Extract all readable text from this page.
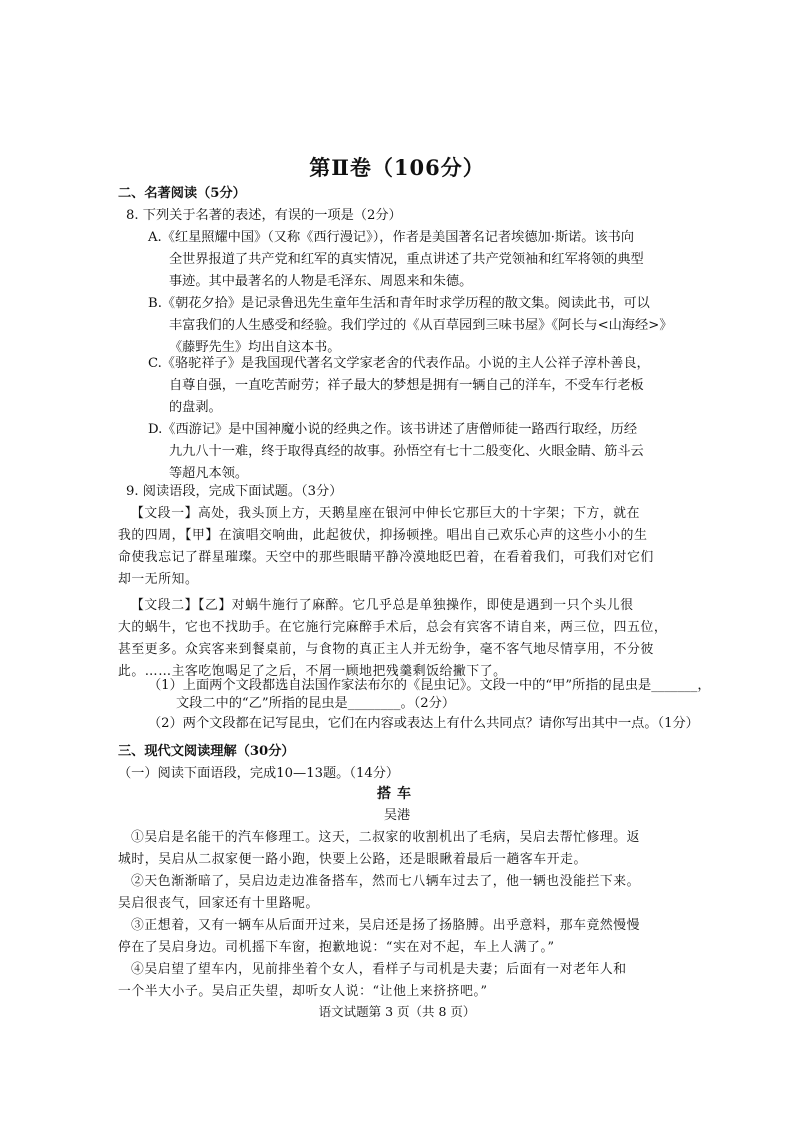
第Ⅱ卷（106分）
二、名著阅读（5分）
8. 下列关于名著的表述，有误的一项是（2分）
A.《红星照耀中国》（又称《西行漫记》），作者是美国著名记者埃德加·斯诺。该书向
全世界报道了共产党和红军的真实情况，重点讲述了共产党领袖和红军将领的典型
事迹。其中最著名的人物是毛泽东、周恩来和朱德。
B.《朝花夕拾》是记录鲁迅先生童年生活和青年时求学历程的散文集。阅读此书，可以
丰富我们的人生感受和经验。我们学过的《从百草园到三味书屋》《阿长与<山海经>》
《藤野先生》均出自这本书。
C.《骆驼祥子》是我国现代著名文学家老舍的代表作品。小说的主人公祥子淳朴善良，
自尊自强，一直吃苦耐劳；祥子最大的梦想是拥有一辆自己的洋车，不受车行老板
的盘剥。
D.《西游记》是中国神魔小说的经典之作。该书讲述了唐僧师徒一路西行取经，历经
九九八十一难，终于取得真经的故事。孙悟空有七十二般变化、火眼金睛、筋斗云
等超凡本领。
9. 阅读语段，完成下面试题。（3分）
【文段一】高处，我头顶上方，天鹅星座在银河中伸长它那巨大的十字架；下方，就在
我的四周，【甲】在演唱交响曲，此起彼伏，抑扬顿挫。唱出自己欢乐心声的这些小小的生
命使我忘记了群星璀璨。天空中的那些眼睛平静冷漠地眨巴着，在看着我们，可我们对它们
却一无所知。
【文段二】【乙】对蜗牛施行了麻醉。它几乎总是单独操作，即使是遇到一只个头儿很
大的蜗牛，它也不找助手。在它施行完麻醉手术后，总会有宾客不请自来，两三位，四五位，
甚至更多。众宾客来到餐桌前，与食物的真正主人并无纷争，毫不客气地尽情享用，不分彼
此。……主客吃饱喝足了之后，不屑一顾地把残羹剩饭给撇下了。
（1）上面两个文段都选自法国作家法布尔的《昆虫记》。文段一中的“甲”所指的昆虫是_______，
文段二中的“乙”所指的昆虫是________。（2分）
（2）两个文段都在记写昆虫，它们在内容或表达上有什么共同点？请你写出其中一点。（1分）
三、现代文阅读理解（30分）
（一）阅读下面语段，完成10—13题。（14分）
搭车
吴港
①吴启是名能干的汽车修理工。这天，二叔家的收割机出了毛病，吴启去帮忙修理。返
城时，吴启从二叔家便一路小跑，快要上公路，还是眼瞅着最后一趟客车开走。
②天色渐渐暗了，吴启边走边准备搭车，然而七八辆车过去了，他一辆也没能拦下来。
吴启很丧气，回家还有十里路呢。
③正想着，又有一辆车从后面开过来，吴启还是扬了扬胳膊。出乎意料，那车竟然慢慢
停在了吴启身边。司机摇下车窗，抱歉地说：“实在对不起，车上人满了。”
④吴启望了望车内，见前排坐着个女人，看样子与司机是夫妻；后面有一对老年人和
一个半大小子。吴启正失望，却听女人说：“让他上来挤挤吧。”
语文试题第 3 页（共 8 页）
